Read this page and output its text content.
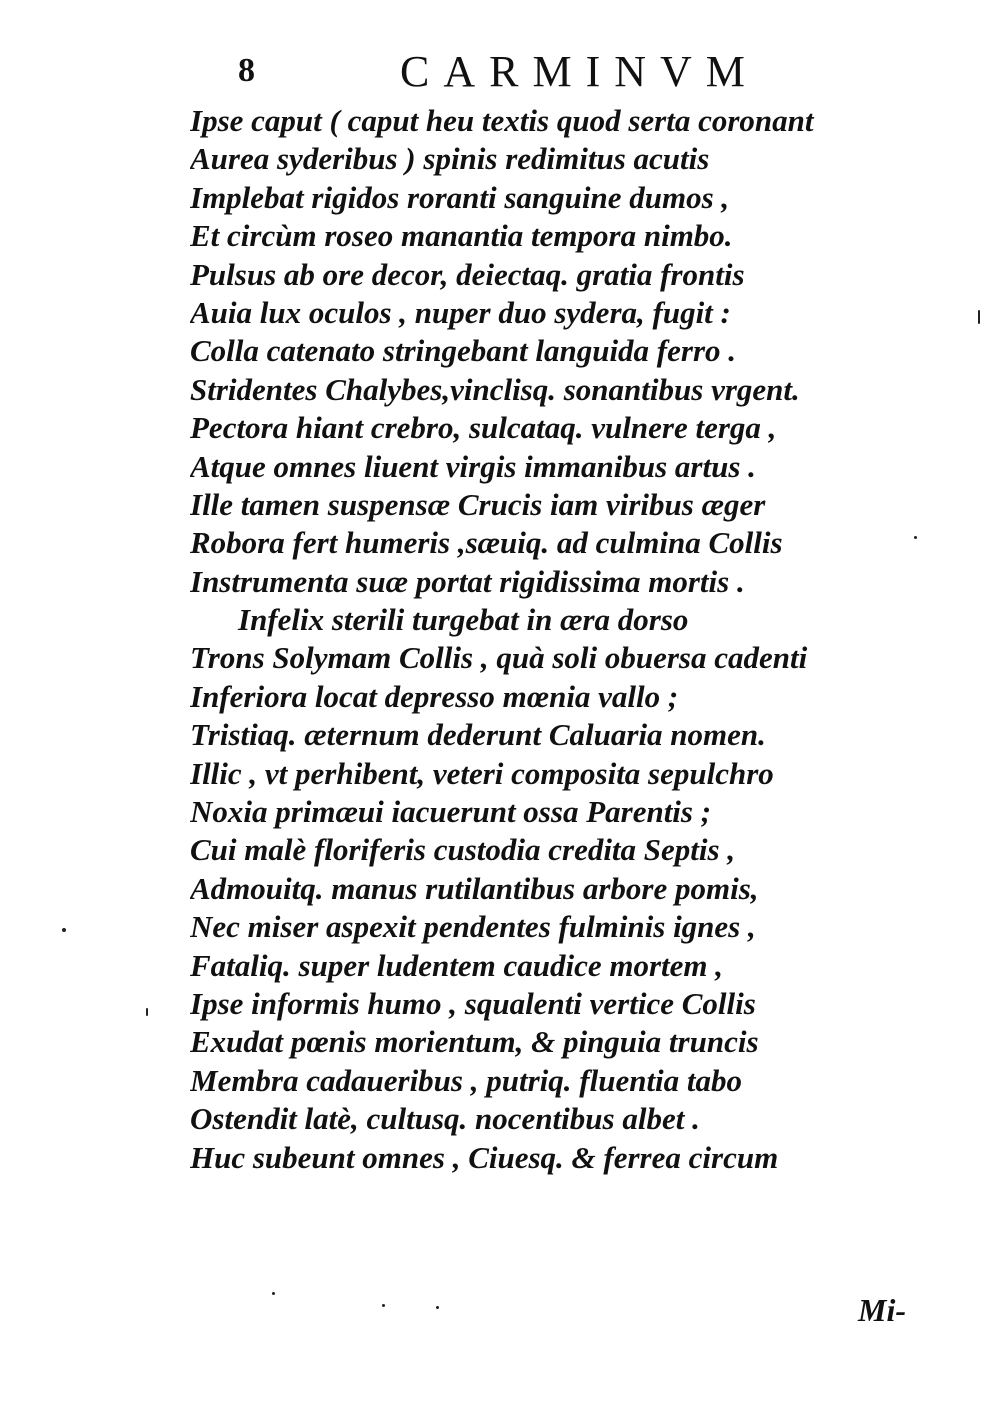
8	CARMINVM
Ipse caput ( caput heu textis quod serta coronant
Aurea syderibus ) spinis redimitus acutis
Implebat rigidos roranti sanguine dumos ,
Et circùm roseo manantia tempora nimbo.
Pulsus ab ore decor, deiectaq. gratia frontis
Auia lux oculos , nuper duo sydera, fugit :
Colla catenato stringebant languida ferro .
Stridentes Chalybes,vinclisq. sonantibus vrgent.
Pectora hiant crebro, sulcataq. vulnere terga ,
Atque omnes liuent virgis immanibus artus .
Ille tamen suspensæ Crucis iam viribus æger
Robora fert humeris ,sæuiq. ad culmina Collis
Instrumenta suæ portat rigidissima mortis .
Infelix sterili turgebat in æra dorso
Trons Solymam Collis , quà soli obuersa cadenti
Inferiora locat depresso mœnia vallo ;
Tristiaq. æternum dederunt Caluaria nomen.
Illic , vt perhibent, veteri composita sepulchro
Noxia primæui iacuerunt ossa Parentis ;
Cui malè floriferis custodia credita Septis ,
Admouitq. manus rutilantibus arbore pomis,
Nec miser aspexit pendentes fulminis ignes ,
Fataliq. super ludentem caudice mortem ,
Ipse informis humo , squalenti vertice Collis
Exudat pœnis morientum, & pinguia truncis
Membra cadaueribus , putriq. fluentia tabo
Ostendit latè, cultusq. nocentibus albet .
Huc subeunt omnes , Ciuesq. & ferrea circum
Mi-
